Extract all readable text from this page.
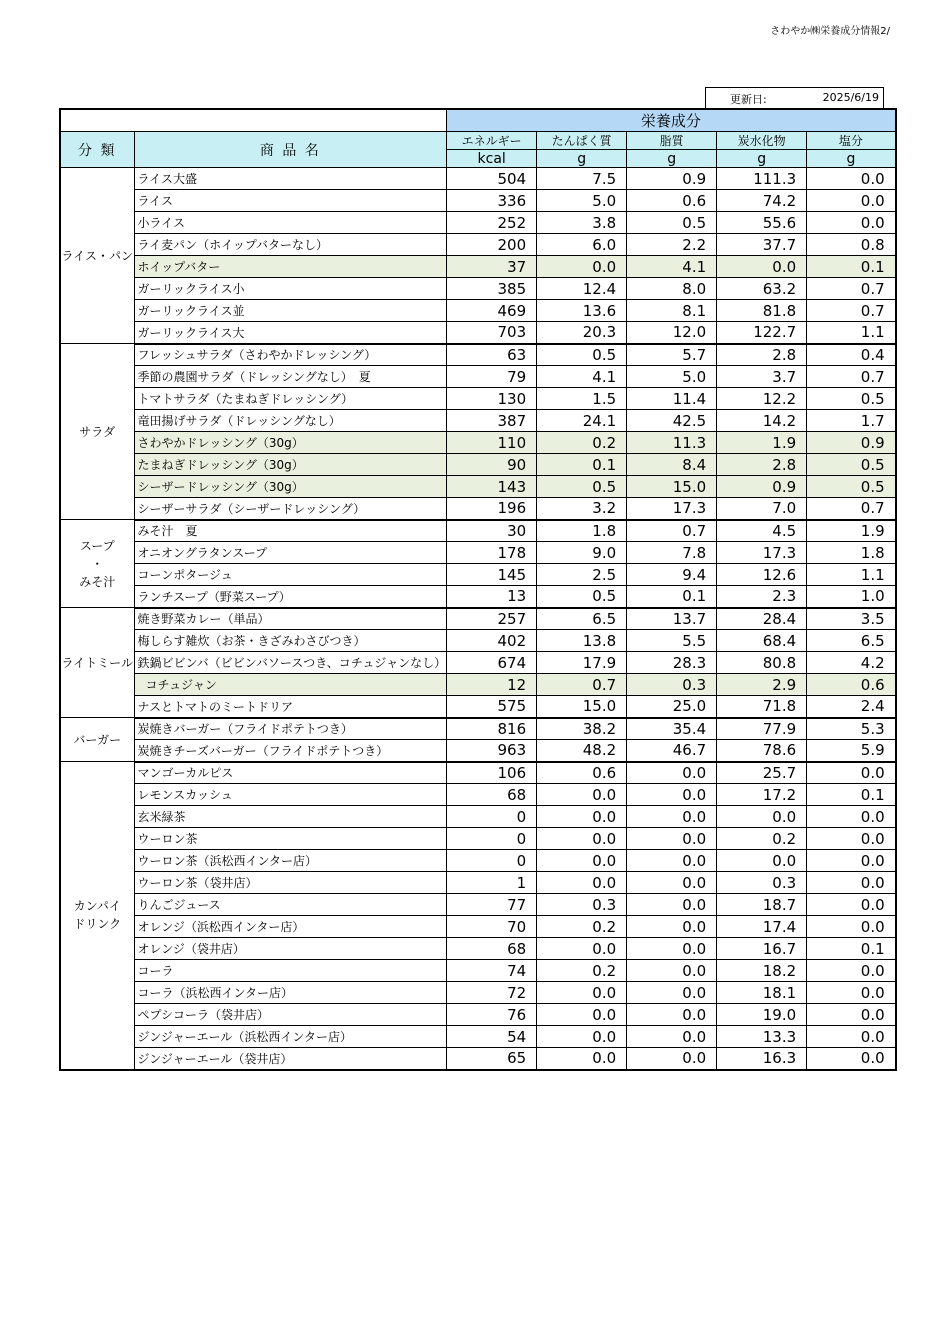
さわやか㈱栄養成分情報2/
更新日:	2025/6/19
		栄養成分				
分 類	商 品 名	エネルギー	たんぱく質	脂質	炭水化物	塩分
		kcal	g	g	g	g
ライス・パン	ライス大盛	504	7.5	0.9	111.3	0.0
	ライス	336	5.0	0.6	74.2	0.0
	小ライス	252	3.8	0.5	55.6	0.0
	ライ麦パン（ホイップバターなし）	200	6.0	2.2	37.7	0.8
	ホイップバター	37	0.0	4.1	0.0	0.1
	ガーリックライス小	385	12.4	8.0	63.2	0.7
	ガーリックライス並	469	13.6	8.1	81.8	0.7
	ガーリックライス大	703	20.3	12.0	122.7	1.1
サラダ	フレッシュサラダ（さわやかドレッシング）	63	0.5	5.7	2.8	0.4
	季節の農園サラダ（ドレッシングなし）　夏	79	4.1	5.0	3.7	0.7
	トマトサラダ（たまねぎドレッシング）	130	1.5	11.4	12.2	0.5
	竜田揚げサラダ（ドレッシングなし）	387	24.1	42.5	14.2	1.7
	さわやかドレッシング（30g）	110	0.2	11.3	1.9	0.9
	たまねぎドレッシング（30g）	90	0.1	8.4	2.8	0.5
	シーザードレッシング（30g）	143	0.5	15.0	0.9	0.5
	シーザーサラダ（シーザードレッシング）	196	3.2	17.3	7.0	0.7
スープ
・
みそ汁	みそ汁　夏	30	1.8	0.7	4.5	1.9
	オニオングラタンスープ	178	9.0	7.8	17.3	1.8
	コーンポタージュ	145	2.5	9.4	12.6	1.1
	ランチスープ（野菜スープ）	13	0.5	0.1	2.3	1.0
ライトミール	焼き野菜カレー（単品）	257	6.5	13.7	28.4	3.5
	梅しらす雑炊（お茶・きざみわさびつき）	402	13.8	5.5	68.4	6.5
	鉄鍋ビビンバ（ビビンバソースつき、コチュジャンなし）	674	17.9	28.3	80.8	4.2
	コチュジャン	12	0.7	0.3	2.9	0.6
	ナスとトマトのミートドリア	575	15.0	25.0	71.8	2.4
バーガー	炭焼きバーガー（フライドポテトつき）	816	38.2	35.4	77.9	5.3
	炭焼きチーズバーガー（フライドポテトつき）	963	48.2	46.7	78.6	5.9
カンパイ
ドリンク	マンゴーカルピス	106	0.6	0.0	25.7	0.0
	レモンスカッシュ	68	0.0	0.0	17.2	0.1
	玄米緑茶	0	0.0	0.0	0.0	0.0
	ウーロン茶	0	0.0	0.0	0.2	0.0
	ウーロン茶（浜松西インター店）	0	0.0	0.0	0.0	0.0
	ウーロン茶（袋井店）	1	0.0	0.0	0.3	0.0
	りんごジュース	77	0.3	0.0	18.7	0.0
	オレンジ（浜松西インター店）	70	0.2	0.0	17.4	0.0
	オレンジ（袋井店）	68	0.0	0.0	16.7	0.1
	コーラ	74	0.2	0.0	18.2	0.0
	コーラ（浜松西インター店）	72	0.0	0.0	18.1	0.0
	ペプシコーラ（袋井店）	76	0.0	0.0	19.0	0.0
	ジンジャーエール（浜松西インター店）	54	0.0	0.0	13.3	0.0
	ジンジャーエール（袋井店）	65	0.0	0.0	16.3	0.0
